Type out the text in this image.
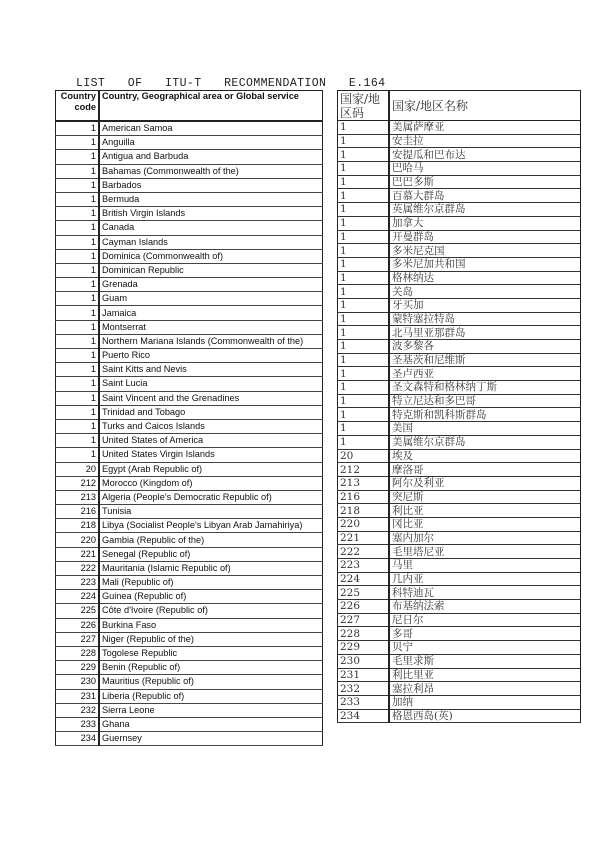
LIST  OF  ITU-T  RECOMMENDATION  E.164
Country code	Country, Geographical area or Global service
1	American Samoa
1	Anguilla
1	Antigua and Barbuda
1	Bahamas (Commonwealth of the)
1	Barbados
1	Bermuda
1	British Virgin Islands
1	Canada
1	Cayman Islands
1	Dominica (Commonwealth of)
1	Dominican Republic
1	Grenada
1	Guam
1	Jamaica
1	Montserrat
1	Northern Mariana Islands (Commonwealth of the)
1	Puerto Rico
1	Saint Kitts and Nevis
1	Saint Lucia
1	Saint Vincent and the Grenadines
1	Trinidad and Tobago
1	Turks and Caicos Islands
1	United States of America
1	United States Virgin Islands
20	Egypt (Arab Republic of)
212	Morocco (Kingdom of)
213	Algeria (People's Democratic Republic of)
216	Tunisia
218	Libya (Socialist People's Libyan Arab Jamahiriya)
220	Gambia (Republic of the)
221	Senegal (Republic of)
222	Mauritania (Islamic Republic of)
223	Mali (Republic of)
224	Guinea (Republic of)
225	Côte d'Ivoire (Republic of)
226	Burkina Faso
227	Niger (Republic of the)
228	Togolese Republic
229	Benin (Republic of)
230	Mauritius (Republic of)
231	Liberia (Republic of)
232	Sierra Leone
233	Ghana
234	Guernsey
国家/地区码	国家/地区名称
1	美属萨摩亚
1	安圭拉
1	安提瓜和巴布达
1	巴哈马
1	巴巴多斯
1	百慕大群岛
1	英属维尔京群岛
1	加拿大
1	开曼群岛
1	多米尼克国
1	多米尼加共和国
1	格林纳达
1	关岛
1	牙买加
1	蒙特塞拉特岛
1	北马里亚那群岛
1	波多黎各
1	圣基茨和尼维斯
1	圣卢西亚
1	圣文森特和格林纳丁斯
1	特立尼达和多巴哥
1	特克斯和凯科斯群岛
1	美国
1	美属维尔京群岛
20	埃及
212	摩洛哥
213	阿尔及利亚
216	突尼斯
218	利比亚
220	冈比亚
221	塞内加尔
222	毛里塔尼亚
223	马里
224	几内亚
225	科特迪瓦
226	布基纳法索
227	尼日尔
228	多哥
229	贝宁
230	毛里求斯
231	利比里亚
232	塞拉利昂
233	加纳
234	格恩西岛(英)
